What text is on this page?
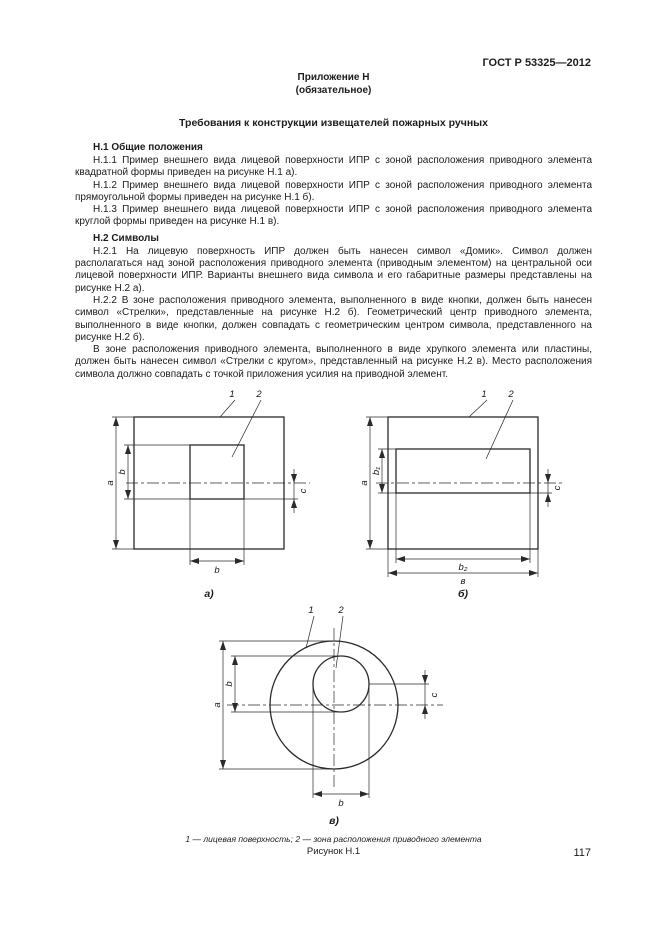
ГОСТ Р 53325—2012
Приложение Н
(обязательное)
Требования к конструкции извещателей пожарных ручных
Н.1 Общие положения

Н.1.1 Пример внешнего вида лицевой поверхности ИПР с зоной расположения приводного элемента квадратной формы приведен на рисунке Н.1 а).

Н.1.2 Пример внешнего вида лицевой поверхности ИПР с зоной расположения приводного элемента прямоугольной формы приведен на рисунке Н.1 б).

Н.1.3 Пример внешнего вида лицевой поверхности ИПР с зоной расположения приводного элемента круглой формы приведен на рисунке Н.1 в).

Н.2 Символы

Н.2.1 На лицевую поверхность ИПР должен быть нанесен символ «Домик». Символ должен располагаться над зоной расположения приводного элемента (приводным элементом) на центральной оси лицевой поверхности ИПР. Варианты внешнего вида символа и его габаритные размеры представлены на рисунке Н.2 а).

Н.2.2 В зоне расположения приводного элемента, выполненного в виде кнопки, должен быть нанесен символ «Стрелки», представленные на рисунке Н.2 б). Геометрический центр приводного элемента, выполненного в виде кнопки, должен совпадать с геометрическим центром символа, представленного на рисунке Н.2 б).

В зоне расположения приводного элемента, выполненного в виде хрупкого элемента или пластины, должен быть нанесен символ «Стрелки с кругом», представленный на рисунке Н.2 в). Место расположения символа должно совпадать с точкой приложения усилия на приводной элемент.

1 2
a
b
b
c
а)
1 2
a
b₁
b₂
в
c
б)
1	2
a
b
b
c
в)
1 — лицевая поверхность; 2 — зона расположения приводного элемента
Рисунок Н.1	117
